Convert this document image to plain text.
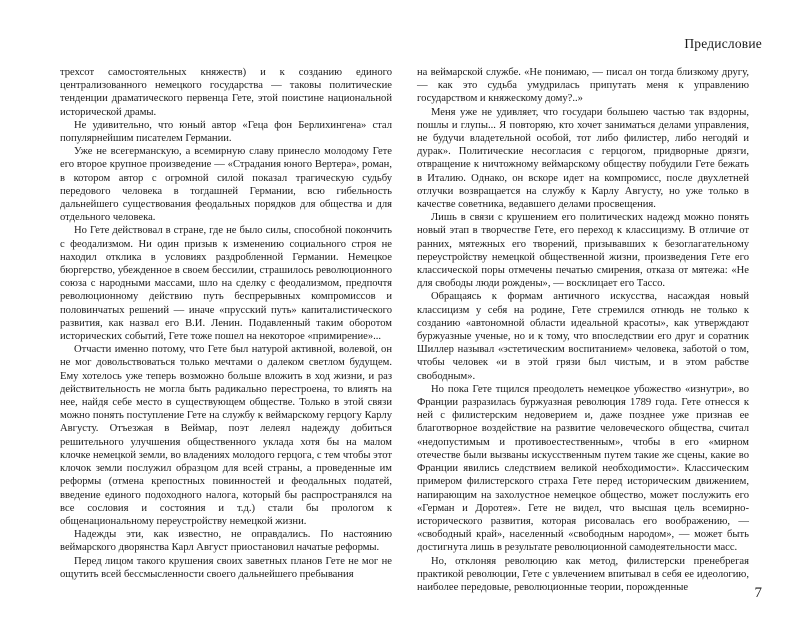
Предисловие

трехсот самостоятельных княжеств) и к созданию единого централизованного немецкого государства — таковы политические тенденции драматического первенца Гете, этой поистине национальной исторической драмы.

Не удивительно, что юный автор «Геца фон Берлихингена» стал популярнейшим писателем Германии.

Уже не всегерманскую, а всемирную славу принесло молодому Гете его второе крупное произведение — «Страдания юного Вертера», роман, в котором автор с огромной силой показал трагическую судьбу передового человека в тогдашней Германии, всю гибельность дальнейшего существования феодальных порядков для общества и для отдельного человека.

Но Гете действовал в стране, где не было силы, способной покончить с феодализмом. Ни один призыв к изменению социального строя не находил отклика в условиях раздробленной Германии. Немецкое бюргерство, убежденное в своем бессилии, страшилось революционного союза с народными массами, шло на сделку с феодализмом, предпочтя революционному действию путь беспрерывных компромиссов и половинчатых решений — иначе «прусский путь» капиталистического развития, как назвал его В.И. Ленин. Подавленный таким оборотом исторических событий, Гете тоже пошел на некоторое «примирение»...

Отчасти именно потому, что Гете был натурой активной, волевой, он не мог довольствоваться только мечтами о далеком светлом будущем. Ему хотелось уже теперь возможно больше вложить в ход жизни, и раз действительность не могла быть радикально перестроена, то влиять на нее, найдя себе место в существующем обществе. Только в этой связи можно понять поступление Гете на службу к веймарскому герцогу Карлу Августу. Отъезжая в Веймар, поэт лелеял надежду добиться решительного улучшения общественного уклада хотя бы на малом клочке немецкой земли, во владениях молодого герцога, с тем чтобы этот клочок земли послужил образцом для всей страны, а проведенные им реформы (отмена крепостных повинностей и феодальных податей, введение единого подоходного налога, который бы распространялся на все сословия и состояния и т.д.) стали бы прологом к общенациональному переустройству немецкой жизни.

Надежды эти, как известно, не оправдались. По настоянию веймарского дворянства Карл Август приостановил начатые реформы.

Перед лицом такого крушения своих заветных планов Гете не мог не ощутить всей бессмысленности своего дальнейшего пребывания

на веймарской службе. «Не понимаю, — писал он тогда близкому другу, — как это судьба умудрилась припутать меня к управлению государством и княжескому дому?..»

Меня уже не удивляет, что государи большею частью так вздорны, пошлы и глупы... Я повторяю, кто хочет заниматься делами управления, не будучи владетельной особой, тот либо филистер, либо негодяй и дурак». Политические несогласия с герцогом, придворные дрязги, отвращение к ничтожному веймарскому обществу побудили Гете бежать в Италию. Однако, он вскоре идет на компромисс, после двухлетней отлучки возвращается на службу к Карлу Августу, но уже только в качестве советника, ведавшего делами просвещения.

Лишь в связи с крушением его политических надежд можно понять новый этап в творчестве Гете, его переход к классицизму. В отличие от ранних, мятежных его творений, призывавших к безоглагательному переустройству немецкой общественной жизни, произведения Гете его классической поры отмечены печатью смирения, отказа от мятежа: «Не для свободы люди рождены», — восклицает его Тассо.

Обращаясь к формам античного искусства, насаждая новый классицизм у себя на родине, Гете стремился отнюдь не только к созданию «автономной области идеальной красоты», как утверждают буржуазные ученые, но и к тому, что впоследствии его друг и соратник Шиллер называл «эстетическим воспитанием» человека, заботой о том, чтобы человек «и в этой грязи был чистым, и в этом рабстве свободным».

Но пока Гете тщился преодолеть немецкое убожество «изнутри», во Франции разразилась буржуазная революция 1789 года. Гете отнесся к ней с филистерским недоверием и, даже позднее уже признав ее благотворное воздействие на развитие человеческого общества, считал «недопустимым и противоестественным», чтобы в его «мирном отечестве были вызваны искусственным путем такие же сцены, какие во Франции явились следствием великой необходимости». Классическим примером филистерского страха Гете перед историческим движением, напирающим на захолустное немецкое общество, может послужить его «Герман и Доротея». Гете не видел, что высшая цель всемирно-исторического развития, которая рисовалась его воображению, — «свободный край», населенный «свободным народом», — может быть достигнута лишь в результате революционной самодеятельности масс.

Но, отклоняя революцию как метод, филистерски пренебрегая практикой революции, Гете с увлечением впитывал в себя ее идеологию, наиболее передовые, революционные теории, порожденные	7
